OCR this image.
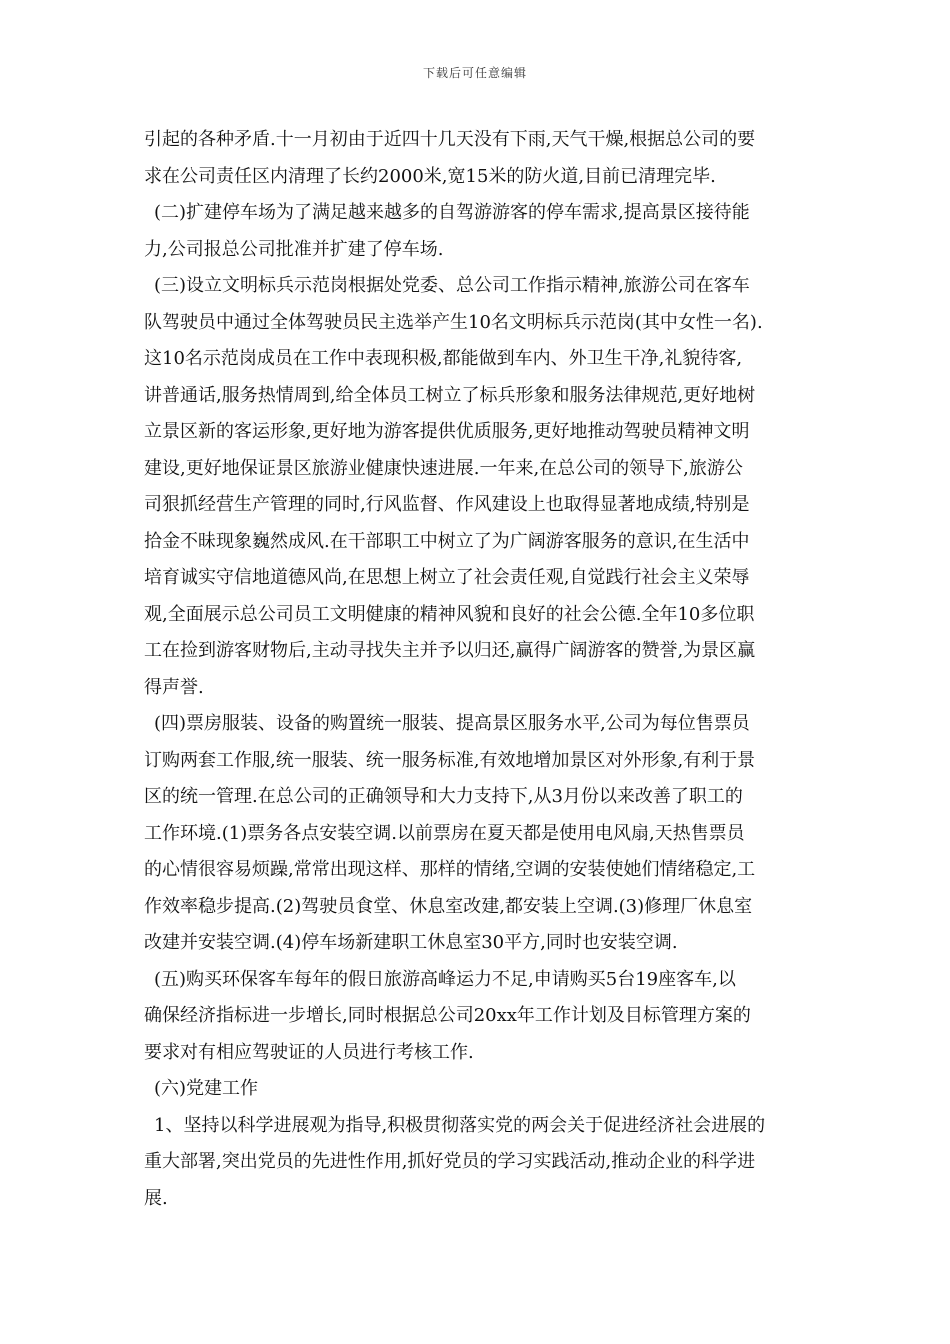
下载后可任意编辑
引起的各种矛盾.十一月初由于近四十几天没有下雨,天气干燥,根据总公司的要
求在公司责任区内清理了长约2000米,宽15米的防火道,目前已清理完毕.
(二)扩建停车场为了满足越来越多的自驾游游客的停车需求,提高景区接待能
力,公司报总公司批准并扩建了停车场.
(三)设立文明标兵示范岗根据处党委、总公司工作指示精神,旅游公司在客车
队驾驶员中通过全体驾驶员民主选举产生10名文明标兵示范岗(其中女性一名).
这10名示范岗成员在工作中表现积极,都能做到车内、外卫生干净,礼貌待客,
讲普通话,服务热情周到,给全体员工树立了标兵形象和服务法律规范,更好地树
立景区新的客运形象,更好地为游客提供优质服务,更好地推动驾驶员精神文明
建设,更好地保证景区旅游业健康快速进展.一年来,在总公司的领导下,旅游公
司狠抓经营生产管理的同时,行风监督、作风建设上也取得显著地成绩,特别是
拾金不昧现象巍然成风.在干部职工中树立了为广阔游客服务的意识,在生活中
培育诚实守信地道德风尚,在思想上树立了社会责任观,自觉践行社会主义荣辱
观,全面展示总公司员工文明健康的精神风貌和良好的社会公德.全年10多位职
工在捡到游客财物后,主动寻找失主并予以归还,赢得广阔游客的赞誉,为景区赢
得声誉.
(四)票房服装、设备的购置统一服装、提高景区服务水平,公司为每位售票员
订购两套工作服,统一服装、统一服务标准,有效地增加景区对外形象,有利于景
区的统一管理.在总公司的正确领导和大力支持下,从3月份以来改善了职工的
工作环境.(1)票务各点安装空调.以前票房在夏天都是使用电风扇,天热售票员
的心情很容易烦躁,常常出现这样、那样的情绪,空调的安装使她们情绪稳定,工
作效率稳步提高.(2)驾驶员食堂、休息室改建,都安装上空调.(3)修理厂休息室
改建并安装空调.(4)停车场新建职工休息室30平方,同时也安装空调.
(五)购买环保客车每年的假日旅游高峰运力不足,申请购买5台19座客车,以
确保经济指标进一步增长,同时根据总公司20xx年工作计划及目标管理方案的
要求对有相应驾驶证的人员进行考核工作.
(六)党建工作
1、坚持以科学进展观为指导,积极贯彻落实党的两会关于促进经济社会进展的
重大部署,突出党员的先进性作用,抓好党员的学习实践活动,推动企业的科学进
展.
